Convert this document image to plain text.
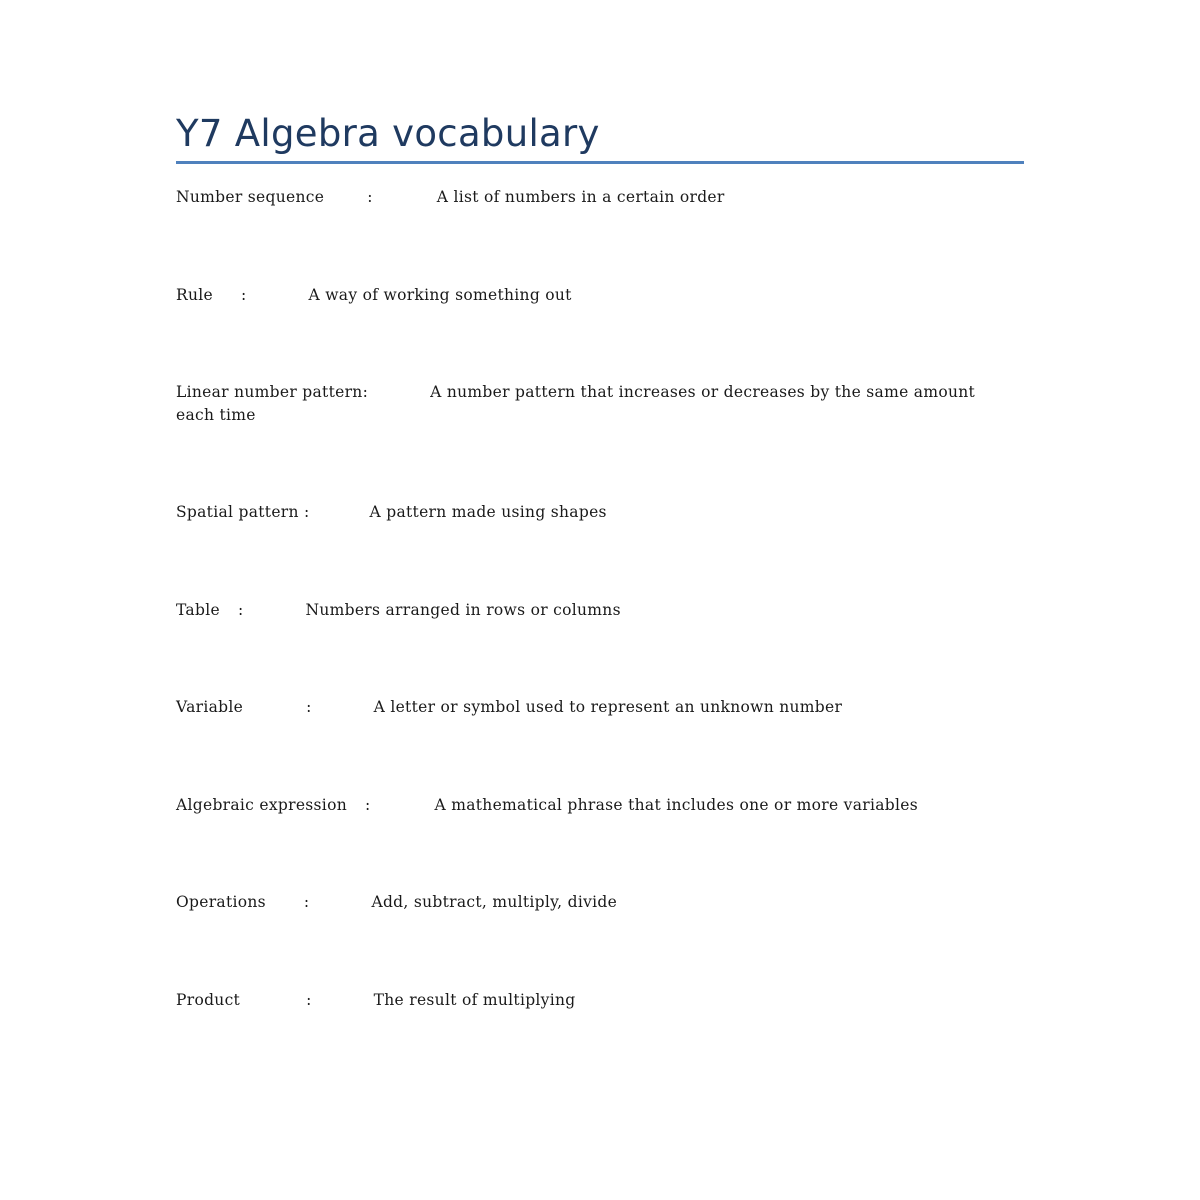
Y7 Algebra vocabulary
Number sequence	:	A list of numbers in a certain order
Rule :	A way of working something out
Linear number pattern:	A number pattern that increases or decreases by the same amount each time
Spatial pattern :	A pattern made using shapes
Table :	Numbers arranged in rows or columns
Variable	:	A letter or symbol used to represent an unknown number
Algebraic expression :	A mathematical phrase that includes one or more variables
Operations :	Add, subtract, multiply, divide
Product	:	The result of multiplying
